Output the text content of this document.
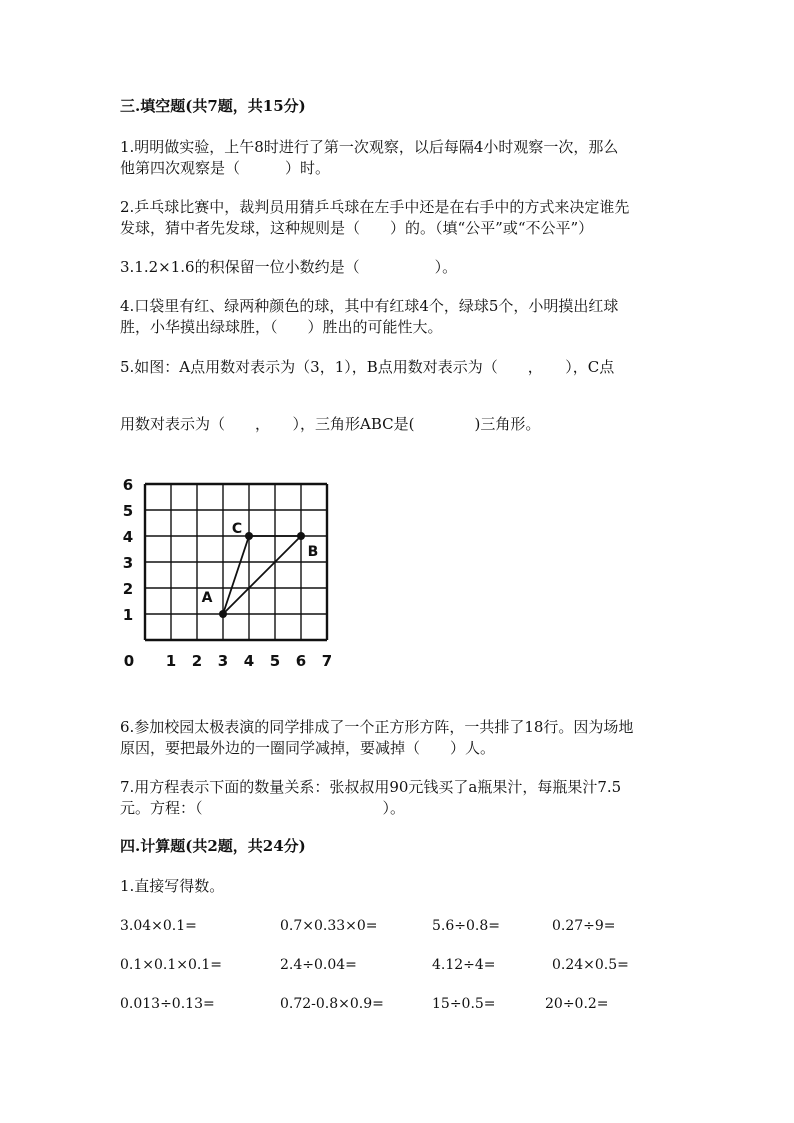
三.填空题(共7题，共15分)

1.明明做实验，上午8时进行了第一次观察，以后每隔4小时观察一次，那么

他第四次观察是（　　　）时。

2.乒乓球比赛中，裁判员用猜乒乓球在左手中还是在右手中的方式来决定谁先

发球，猜中者先发球，这种规则是（　　）的。（填“公平”或“不公平”）

3.1.2×1.6的积保留一位小数约是（　　　　　）。

4.口袋里有红、绿两种颜色的球，其中有红球4个，绿球5个，小明摸出红球

胜，小华摸出绿球胜，（　　）胜出的可能性大。

5.如图：A点用数对表示为（3，1），B点用数对表示为（　　，　　），C点

用数对表示为（　　，　　），三角形ABC是(　　　　)三角形。

0 1 2 3 4 5 6 7
1
2
3
4
5
6
A
B
C

6.参加校园太极表演的同学排成了一个正方形方阵，一共排了18行。因为场地

原因，要把最外边的一圈同学减掉，要减掉（　　）人。

7.用方程表示下面的数量关系：张叔叔用90元钱买了a瓶果汁，每瓶果汁7.5

元。方程：（　　　　　　　　　　　　）。

四.计算题(共2题，共24分)

1.直接写得数。

3.04×0.1=	0.7×0.33×0=	5.6÷0.8=	0.27÷9=

0.1×0.1×0.1=	2.4÷0.04=	4.12÷4=	0.24×0.5=

0.013÷0.13=	0.72-0.8×0.9=	15÷0.5=	20÷0.2=
